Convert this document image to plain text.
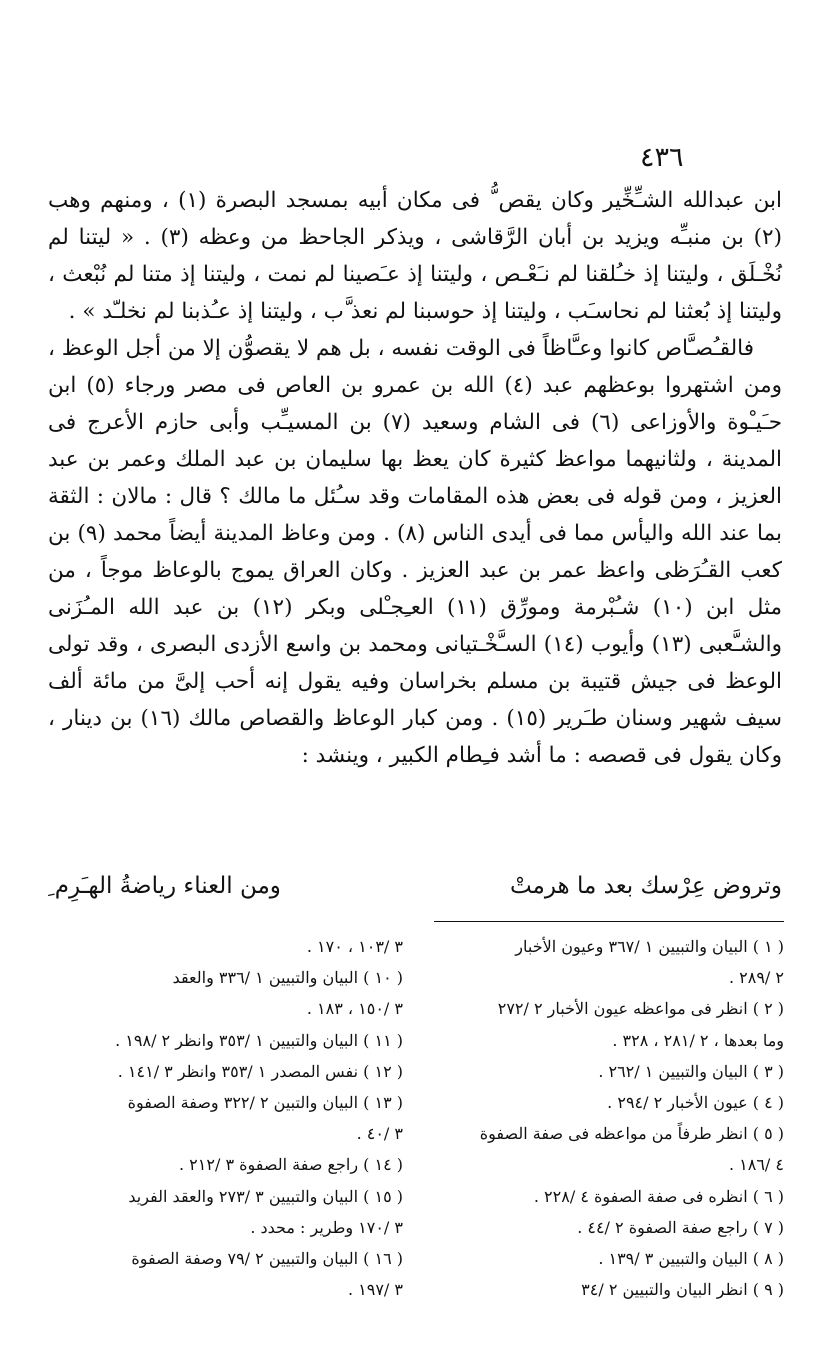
٤٣٦

ابن عبدالله الشـِّخِّير وكان يقص ُّ فى مكان أبيه بمسجد البصرة (١) ، ومنهم وهب (٢) بن منبـِّه ويزيد بن أبان الرَّقاشى ، ويذكر الجاحظ من وعظه (٣) . « ليتنا لم نُخْـلَق ، وليتنا إذ خـُلقنا لم نـَعْـص ، وليتنا إذ عـَصينا لم نمت ، وليتنا إذ متنا لم نُبْعث ، وليتنا إذ بُعثنا لم نحاسـَب ، وليتنا إذ حوسبنا لم نعذ َّب ، وليتنا إذ عـُذبنا لم نخلـّد » .

فالقـُصـَّاص كانوا وعـَّاظاً فى الوقت نفسه ، بل هم لا يقصوُّن إلا من أجل الوعظ ، ومن اشتهروا بوعظهم عبد (٤) الله بن عمرو بن العاص فى مصر ورجاء (٥) ابن حـَيـْوة والأوزاعى (٦) فى الشام وسعيد (٧) بن المسيـِّب وأبى حازم الأعرج فى المدينة ، ولثانيهما مواعظ كثيرة كان يعظ بها سليمان بن عبد الملك وعمر بن عبد العزيز ، ومن قوله فى بعض هذه المقامات وقد سـُئل ما مالك ؟ قال : مالان : الثقة بما عند الله واليأس مما فى أيدى الناس (٨) . ومن وعاظ المدينة أيضاً محمد (٩) بن كعب القـُرَظى واعظ عمر بن عبد العزيز . وكان العراق يموج بالوعاظ موجاً ، من مثل ابن (١٠) شـُبْرمة ومورِّق (١١) العـِجـْلى وبكر (١٢) بن عبد الله المـُزَنى والشـَّعبى (١٣) وأيوب (١٤) السـَّخْـتيانى ومحمد بن واسع الأزدى البصرى ، وقد تولى الوعظ فى جيش قتيبة بن مسلم بخراسان وفيه يقول إنه أحب إلىَّ من مائة ألف سيف شهير وسنان طـَرير (١٥) . ومن كبار الوعاظ والقصاص مالك (١٦) بن دينار ، وكان يقول فى قصصه : ما أشد فـِطام الكبير ، وينشد :

وتروض عِرْسك بعد ما هرمتْ
ومن العناء رياضةُ الهـَرِم ِ
( ١ ) البيان والتبيين ١ /٣٦٧ وعيون الأخبار
٢ /٢٨٩ .
( ٢ ) انظر فى مواعظه عيون الأخبار ٢ /٢٧٢
وما بعدها ، ٢ /٢٨١ ، ٣٢٨ .
( ٣ ) البيان والتبيين ١ /٢٦٢ .
( ٤ ) عيون الأخبار ٢ /٢٩٤ .
( ٥ ) انظر طرفاً من مواعظه فى صفة الصفوة
٤ /١٨٦ .
( ٦ ) انظره فى صفة الصفوة ٤ /٢٢٨ .
( ٧ ) راجع صفة الصفوة ٢ /٤٤ .
( ٨ ) البيان والتبيين ٣ /١٣٩ .
( ٩ ) انظر البيان والتبيين ٢ /٣٤
٣ /١٠٣ ، ١٧٠ .
( ١٠ ) البيان والتبيين ١ /٣٣٦ والعقد
٣ /١٥٠ ، ١٨٣ .
( ١١ ) البيان والتبيين ١ /٣٥٣ وانظر ٢ /١٩٨ .
( ١٢ ) نفس المصدر ١ /٣٥٣ وانظر ٣ /١٤١ .
( ١٣ ) البيان والتبين ٢ /٣٢٢ وصفة الصفوة
٣ /٤٠ .
( ١٤ ) راجع صفة الصفوة ٣ /٢١٢ .
( ١٥ ) البيان والتبيين ٣ /٢٧٣ والعقد الفريد
٣ /١٧٠ وطرير : محدد .
( ١٦ ) البيان والتبيين ٢ /٧٩ وصفة الصفوة
٣ /١٩٧ .
